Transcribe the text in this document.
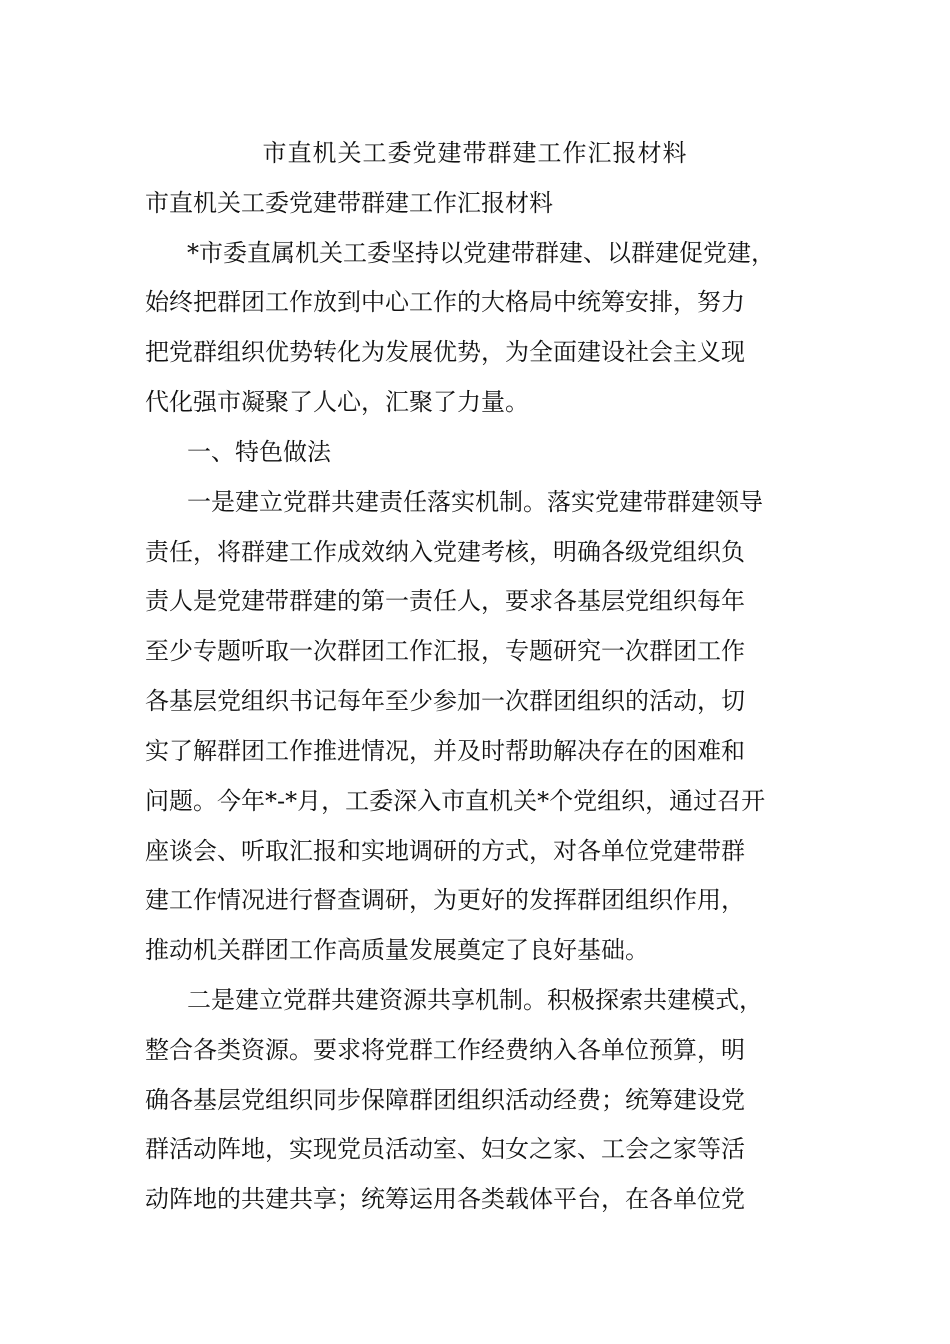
市直机关工委党建带群建工作汇报材料
市直机关工委党建带群建工作汇报材料
*市委直属机关工委坚持以党建带群建、以群建促党建，
始终把群团工作放到中心工作的大格局中统筹安排，努力
把党群组织优势转化为发展优势，为全面建设社会主义现
代化强市凝聚了人心，汇聚了力量。
一、特色做法
一是建立党群共建责任落实机制。落实党建带群建领导
责任，将群建工作成效纳入党建考核，明确各级党组织负
责人是党建带群建的第一责任人，要求各基层党组织每年
至少专题听取一次群团工作汇报，专题研究一次群团工作
各基层党组织书记每年至少参加一次群团组织的活动，切
实了解群团工作推进情况，并及时帮助解决存在的困难和
问题。今年*-*月，工委深入市直机关*个党组织，通过召开
座谈会、听取汇报和实地调研的方式，对各单位党建带群
建工作情况进行督查调研，为更好的发挥群团组织作用，
推动机关群团工作高质量发展奠定了良好基础。
二是建立党群共建资源共享机制。积极探索共建模式，
整合各类资源。要求将党群工作经费纳入各单位预算，明
确各基层党组织同步保障群团组织活动经费；统筹建设党
群活动阵地，实现党员活动室、妇女之家、工会之家等活
动阵地的共建共享；统筹运用各类载体平台，在各单位党
